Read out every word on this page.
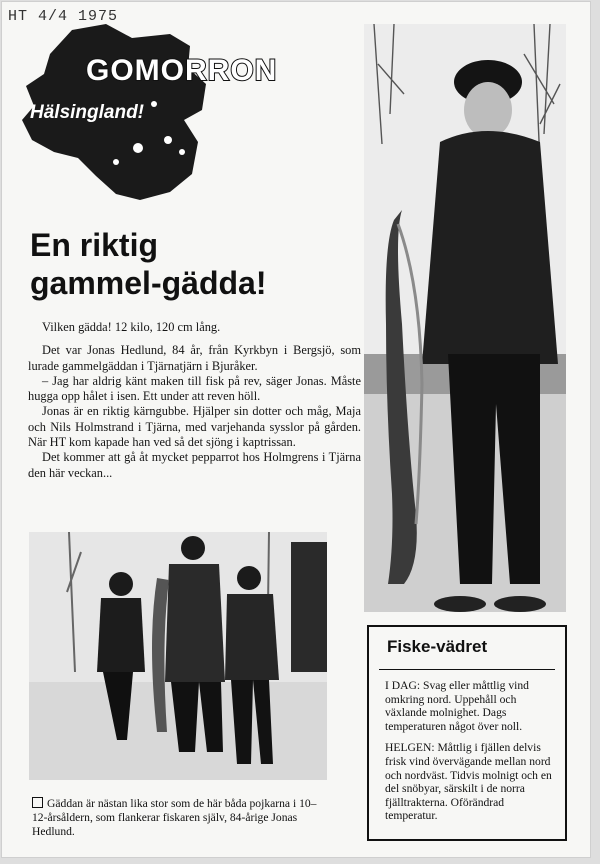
HT 4/4 1975
GOMORRON
Hälsingland!
En riktig
gammel-gädda!

Vilken gädda! 12 kilo, 120 cm lång.

Det var Jonas Hedlund, 84 år, från Kyrkbyn i Bergsjö, som lurade gammelgäddan i Tjärnatjärn i Bjuråker.

– Jag har aldrig känt maken till fisk på rev, säger Jonas. Måste hugga opp hålet i isen. Ett under att reven höll.

Jonas är en riktig kärngubbe. Hjälper sin dotter och måg, Maja och Nils Holmstrand i Tjärna, med varjehanda sysslor på gården. När HT kom kapade han ved så det sjöng i kaptrissan.

Det kommer att gå åt mycket pepparrot hos Holmgrens i Tjärna den här veckan...

Gäddan är nästan lika stor som de här båda pojkarna i 10–12-årsåldern, som flankerar fiskaren själv, 84-årige Jonas Hedlund.
Fiske-vädret

I DAG: Svag eller måttlig vind omkring nord. Uppehåll och växlande molnighet. Dags temperaturen något över noll.

HELGEN: Måttlig i fjällen delvis frisk vind övervägande mellan nord och nordväst. Tidvis molnigt och en del snöbyar, särskilt i de norra fjälltrakterna. Oförändrad temperatur.
